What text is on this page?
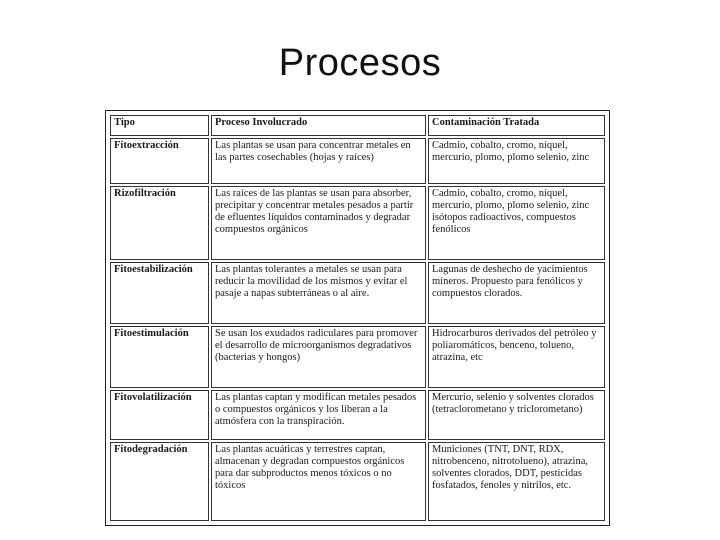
Procesos
Tipo	Proceso Involucrado	Contaminación Tratada
Fitoextracción	Las plantas se usan para concentrar metales en las partes cosechables (hojas y raíces)	Cadmio, cobalto, cromo, níquel, mercurio, plomo, plomo selenio, zinc
Rizofiltración	Las raíces de las plantas se usan para absorber, precipitar y concentrar metales pesados a partir de efluentes líquidos contaminados y degradar compuestos orgánicos	Cadmio, cobalto, cromo, níquel, mercurio, plomo, plomo selenio, zinc isótopos radioactivos, compuestos fenólicos
Fitoestabilización	Las plantas tolerantes a metales se usan para reducir la movilidad de los mismos y evitar el pasaje a napas subterráneas o al aire.	Lagunas de deshecho de yacimientos mineros. Propuesto para fenólicos y compuestos clorados.
Fitoestimulación	Se usan los exudados radiculares para promover el desarrollo de microorganismos degradativos (bacterias y hongos)	Hidrocarburos derivados del petróleo y poliaromáticos, benceno, tolueno, atrazina, etc
Fitovolatilización	Las plantas captan y modifican metales pesados o compuestos orgánicos y los liberan a la atmósfera con la transpiración.	Mercurio, selenio y solventes clorados (tetraclorometano y triclorometano)
Fitodegradación	Las plantas acuáticas y terrestres captan, almacenan y degradan compuestos orgánicos para dar subproductos menos tóxicos o no tóxicos	Municiones (TNT, DNT, RDX, nitrobenceno, nitrotolueno), atrazina, solventes clorados, DDT, pesticidas fosfatados, fenoles y nitrilos, etc.
